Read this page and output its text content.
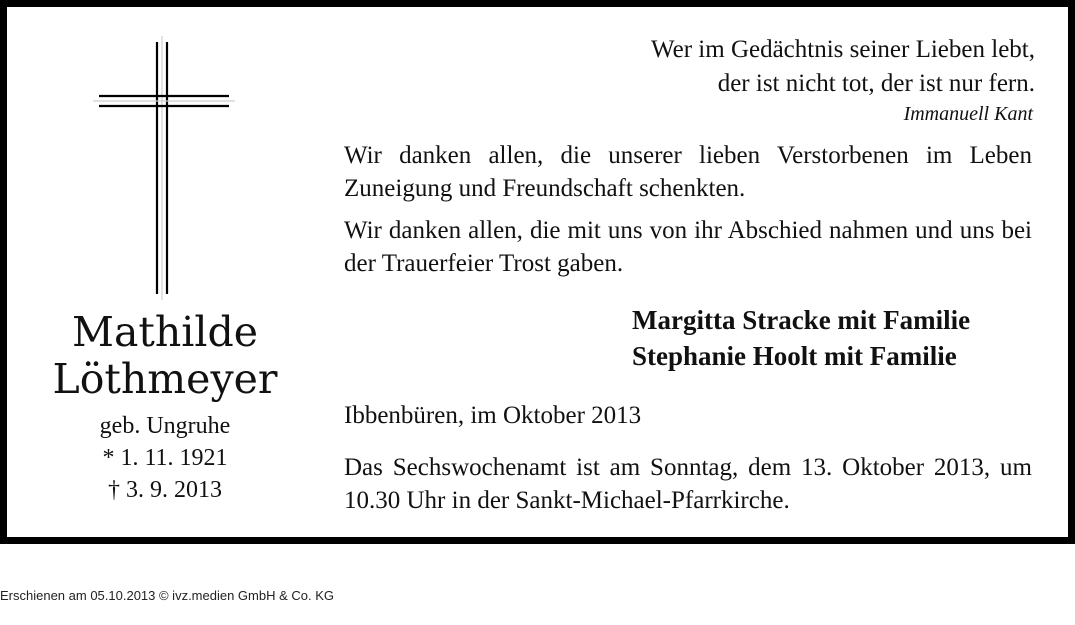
Wer im Gedächtnis seiner Lieben lebt,
der ist nicht tot, der ist nur fern.
Immanuell Kant
Mathilde
Löthmeyer
geb. Ungruhe
* 1. 11. 1921
† 3. 9. 2013
Wir danken allen, die unserer lieben Verstorbenen im Leben Zuneigung und Freundschaft schenkten.
Wir danken allen, die mit uns von ihr Abschied nahmen und uns bei der Trauerfeier Trost gaben.
Margitta Stracke mit Familie
Stephanie Hoolt mit Familie
Ibbenbüren, im Oktober 2013
Das Sechswochenamt ist am Sonntag, dem 13. Oktober 2013, um 10.30 Uhr in der Sankt-Michael-Pfarrkirche.
Erschienen am 05.10.2013 © ivz.medien GmbH & Co. KG
